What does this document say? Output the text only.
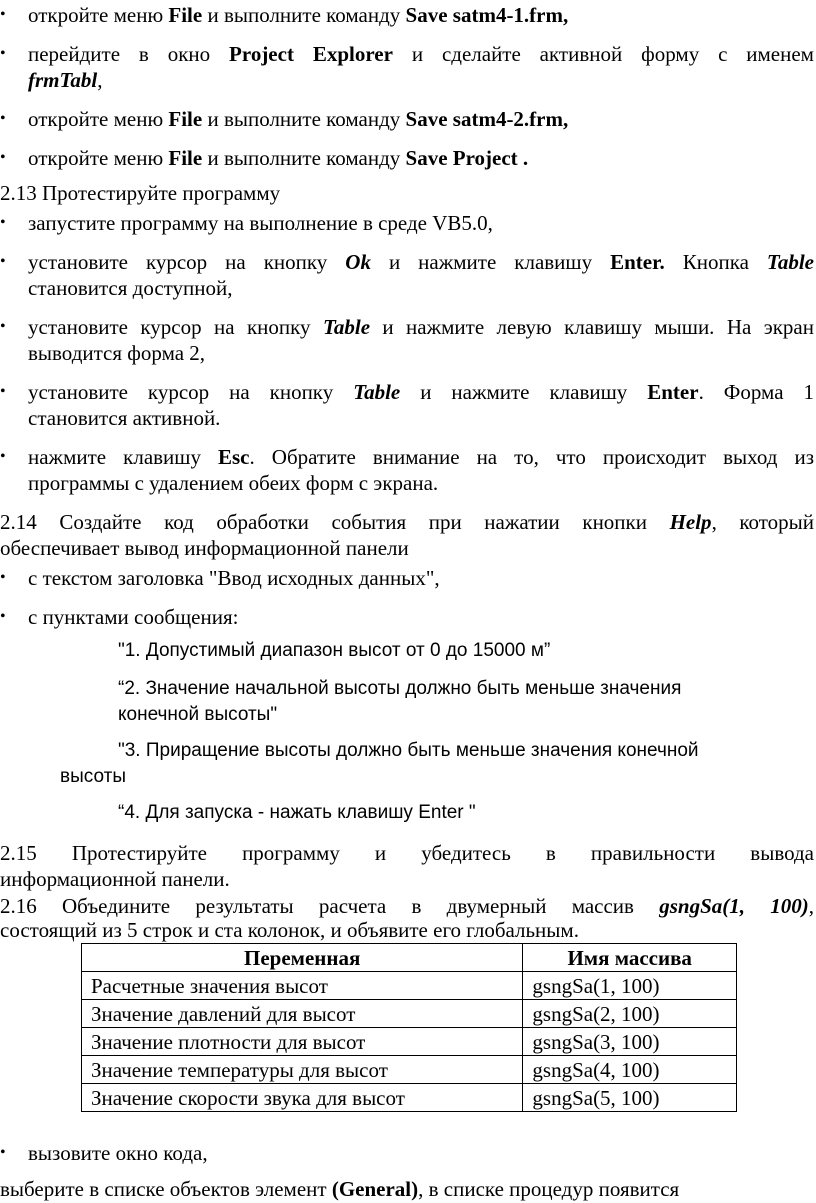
•	откройте меню File и выполните команду Save satm4-1.frm,
•	перейдите в окно Project Explorer и сделайте активной форму с именем
frmTabl,
•	откройте меню File и выполните команду Save satm4-2.frm,
•	откройте меню File и выполните команду Save Project .
2.13 Протестируйте программу
•	запустите программу на выполнение в среде VB5.0,
•	установите курсор на кнопку Ok и нажмите клавишу Enter. Кнопка Table
становится доступной,
•	установите курсор на кнопку Table и нажмите левую клавишу мыши. На экран
выводится форма 2,
•	установите курсор на кнопку Table и нажмите клавишу Enter. Форма 1
становится активной.
•	нажмите клавишу Esc. Обратите внимание на то, что происходит выход из
программы с удалением обеих форм с экрана.
2.14 Создайте код обработки события при нажатии кнопки Help, который
обеспечивает вывод информационной панели
•	с текстом заголовка "Ввод исходных данных",
•	с пунктами сообщения:
"1. Допустимый диапазон высот от 0 до 15000 м”
“2. Значение начальной высоты должно быть меньше значения
конечной высоты"
"3. Приращение высоты должно быть меньше значения конечной
высоты
“4. Для запуска - нажать клавишу Enter "
2.15 Протестируйте программу и убедитесь в правильности вывода
информационной панели.
2.16 Объедините результаты расчета в двумерный массив gsngSa(1, 100),
состоящий из 5 строк и ста колонок, и объявите его глобальным.
Переменная	Имя массива
Расчетные значения высот	gsngSa(1, 100)
Значение давлений для высот	gsngSa(2, 100)
Значение плотности для высот	gsngSa(3, 100)
Значение температуры для высот	gsngSa(4, 100)
Значение скорости звука для высот	gsngSa(5, 100)
•	вызовите окно кода,
выберите в списке объектов элемент (General), в списке процедур появится
